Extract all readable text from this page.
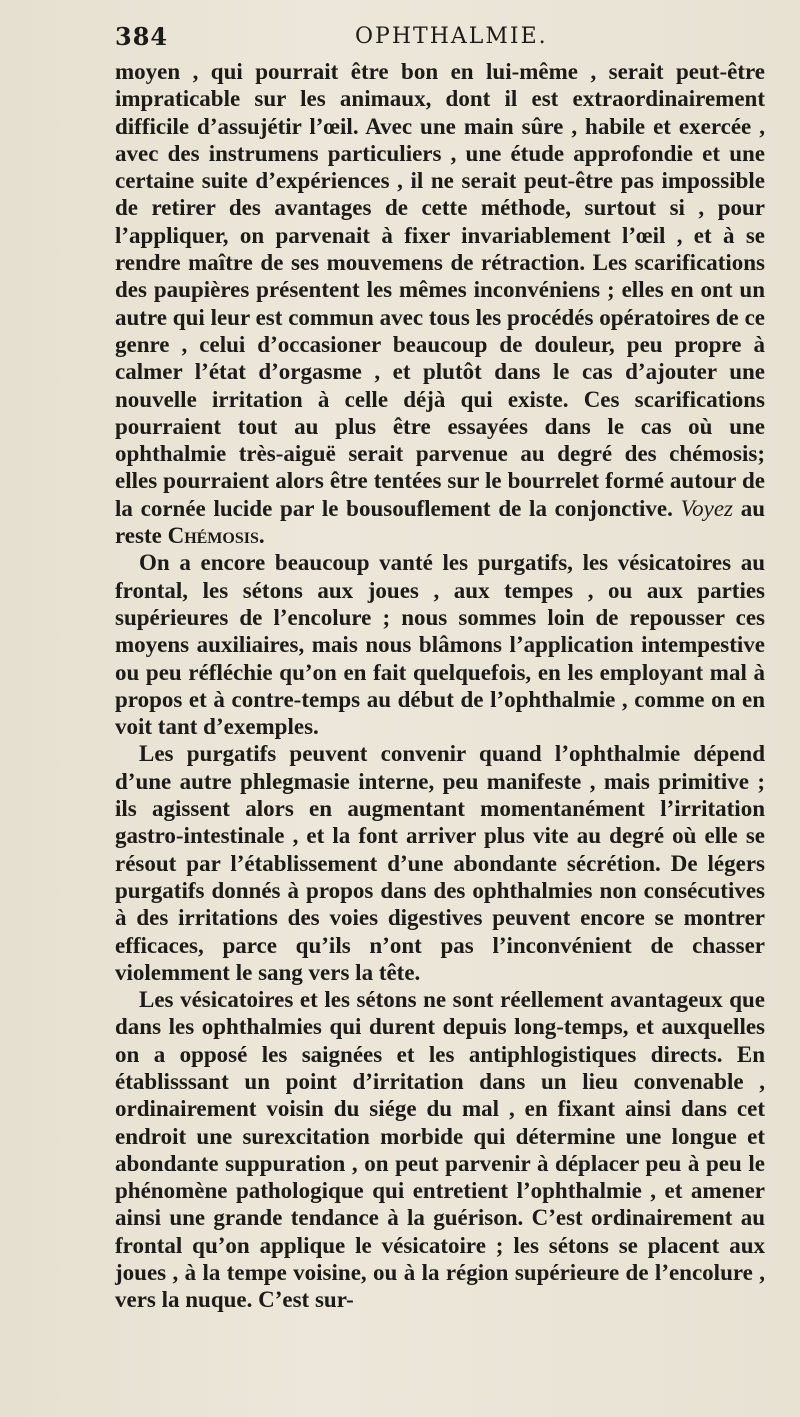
384	OPHTHALMIE.

moyen , qui pourrait être bon en lui-même , serait peut-être impraticable sur les animaux, dont il est extraordinairement difficile d’assujétir l’œil. Avec une main sûre , habile et exercée , avec des instrumens particuliers , une étude approfondie et une certaine suite d’expériences , il ne serait peut-être pas impossible de retirer des avantages de cette méthode, surtout si , pour l’appliquer, on parvenait à fixer invariablement l’œil , et à se rendre maître de ses mouvemens de rétraction. Les scarifications des paupières présentent les mêmes inconvéniens ; elles en ont un autre qui leur est commun avec tous les procédés opératoires de ce genre , celui d’occasioner beaucoup de douleur, peu propre à calmer l’état d’orgasme , et plutôt dans le cas d’ajouter une nouvelle irritation à celle déjà qui existe. Ces scarifications pourraient tout au plus être essayées dans le cas où une ophthalmie très-aiguë serait parvenue au degré des chémosis; elles pourraient alors être tentées sur le bourrelet formé autour de la cornée lucide par le bousouflement de la conjonctive. Voyez au reste Chémosis.

On a encore beaucoup vanté les purgatifs, les vésicatoires au frontal, les sétons aux joues , aux tempes , ou aux parties supérieures de l’encolure ; nous sommes loin de repousser ces moyens auxiliaires, mais nous blâmons l’application intempestive ou peu réfléchie qu’on en fait quelquefois, en les employant mal à propos et à contre-temps au début de l’ophthalmie , comme on en voit tant d’exemples.

Les purgatifs peuvent convenir quand l’ophthalmie dépend d’une autre phlegmasie interne, peu manifeste , mais primitive ; ils agissent alors en augmentant momentanément l’irritation gastro-intestinale , et la font arriver plus vite au degré où elle se résout par l’établissement d’une abondante sécrétion. De légers purgatifs donnés à propos dans des ophthalmies non consécutives à des irritations des voies digestives peuvent encore se montrer efficaces, parce qu’ils n’ont pas l’inconvénient de chasser violemment le sang vers la tête.

Les vésicatoires et les sétons ne sont réellement avantageux que dans les ophthalmies qui durent depuis long-temps, et auxquelles on a opposé les saignées et les antiphlogistiques directs. En établisssant un point d’irritation dans un lieu convenable , ordinairement voisin du siége du mal , en fixant ainsi dans cet endroit une surexcitation morbide qui détermine une longue et abondante suppuration , on peut parvenir à déplacer peu à peu le phénomène pathologique qui entretient l’ophthalmie , et amener ainsi une grande tendance à la guérison. C’est ordinairement au frontal qu’on applique le vésicatoire ; les sétons se placent aux joues , à la tempe voisine, ou à la région supérieure de l’encolure , vers la nuque. C’est sur-
